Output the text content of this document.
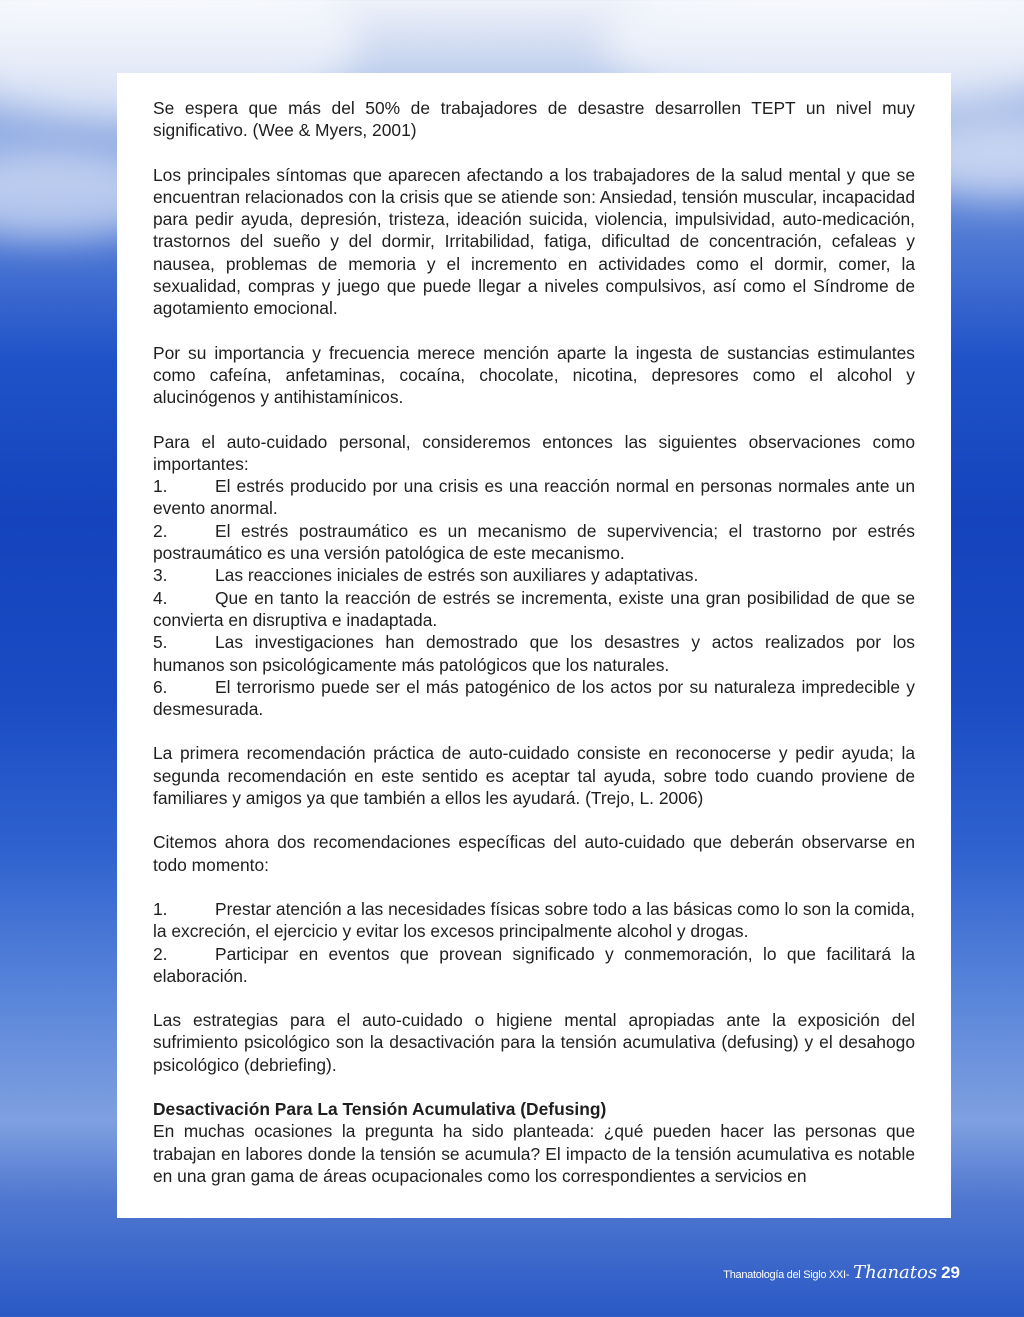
Se espera que más del 50% de trabajadores de desastre desarrollen TEPT un nivel muy significativo. (Wee & Myers, 2001)

Los principales síntomas que aparecen afectando a los trabajadores de la salud mental y que se encuentran relacionados con la crisis que se atiende son: Ansiedad, tensión muscular, incapacidad para pedir ayuda, depresión, tristeza, ideación suicida, violencia, impulsividad, auto-medicación, trastornos del sueño y del dormir, Irritabilidad, fatiga, dificultad de concentración, cefaleas y nausea, problemas de memoria y el incremento en actividades como el dormir, comer, la sexualidad, compras y juego que puede llegar a niveles compulsivos, así como el Síndrome de agotamiento emocional.

Por su importancia y frecuencia merece mención aparte la ingesta de sustancias estimulantes como cafeína, anfetaminas, cocaína, chocolate, nicotina, depresores como el alcohol y alucinógenos y antihistamínicos.

Para el auto-cuidado personal, consideremos entonces las siguientes observaciones como importantes:

1.	El estrés producido por una crisis es una reacción normal en personas normales ante un evento anormal.

2.	El estrés postraumático es un mecanismo de supervivencia; el trastorno por estrés postraumático es una versión patológica de este mecanismo.

3.	Las reacciones iniciales de estrés son auxiliares y adaptativas.

4.	Que en tanto la reacción de estrés se incrementa, existe una gran posibilidad de que se convierta en disruptiva e inadaptada.

5.	Las investigaciones han demostrado que los desastres y actos realizados por los humanos son psicológicamente más patológicos que los naturales.

6.	El terrorismo puede ser el más patogénico de los actos por su naturaleza impredecible y desmesurada.

La primera recomendación práctica de auto-cuidado consiste en reconocerse y pedir ayuda; la segunda recomendación en este sentido es aceptar tal ayuda, sobre todo cuando proviene de familiares y amigos ya que también a ellos les ayudará. (Trejo, L. 2006)

Citemos ahora dos recomendaciones específicas del auto-cuidado que deberán observarse en todo momento:

1.	Prestar atención a las necesidades físicas sobre todo a las básicas como lo son la comida, la excreción, el ejercicio y evitar los excesos principalmente alcohol y drogas.

2.	Participar en eventos que provean significado y conmemoración, lo que facilitará la elaboración.

Las estrategias para el auto-cuidado o higiene mental apropiadas ante la exposición del sufrimiento psicológico son la desactivación para la tensión acumulativa (defusing) y el desahogo psicológico (debriefing).

Desactivación Para La Tensión Acumulativa (Defusing)

En muchas ocasiones la pregunta ha sido planteada: ¿qué pueden hacer las personas que trabajan en labores donde la tensión se acumula? El impacto de la tensión acumulativa es notable en una gran gama de áreas ocupacionales como los correspondientes a servicios en

Thanatología del Siglo XXI- Thanatos 29
